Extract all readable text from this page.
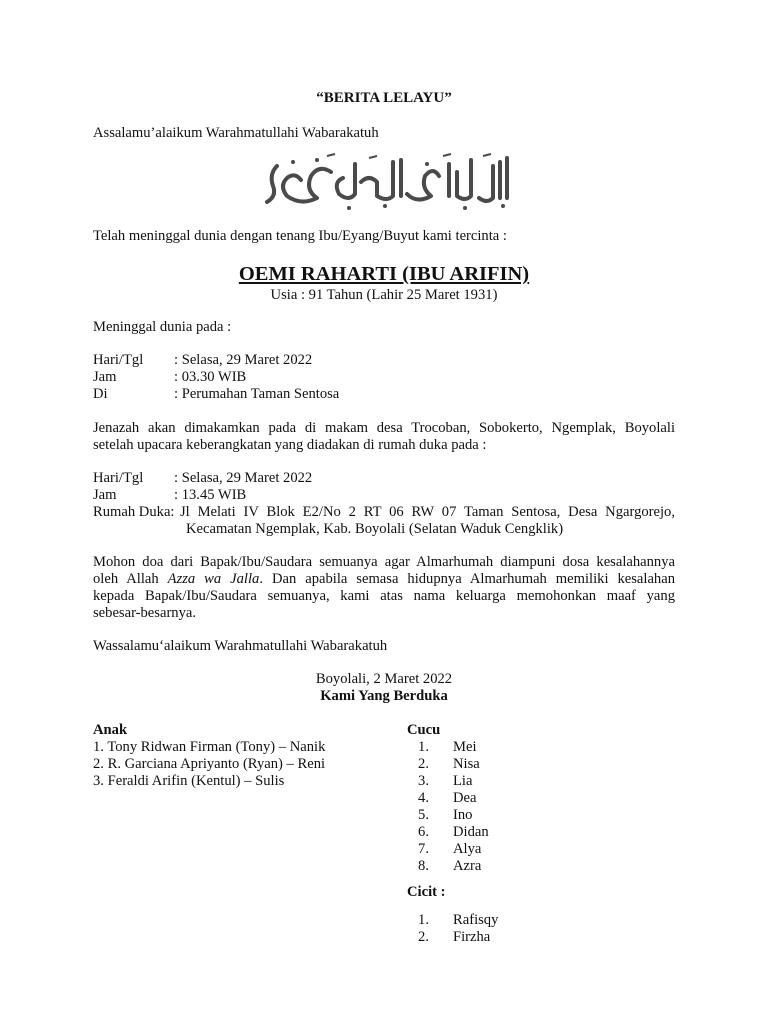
“BERITA LELAYU”
Assalamu’alaikum Warahmatullahi Wabarakatuh
Telah meninggal dunia dengan tenang Ibu/Eyang/Buyut kami tercinta :
OEMI RAHARTI (IBU ARIFIN)
Usia : 91 Tahun (Lahir 25 Maret 1931)
Meninggal dunia pada :
Hari/Tgl : Selasa, 29 Maret 2022
Jam	: 03.30 WIB
Di	: Perumahan Taman Sentosa
Jenazah akan dimakamkan pada di makam desa Trocoban, Sobokerto, Ngemplak, Boyolali
setelah upacara keberangkatan yang diadakan di rumah duka pada :
Hari/Tgl : Selasa, 29 Maret 2022
Jam	: 13.45 WIB
Rumah Duka: Jl Melati IV Blok E2/No 2 RT 06 RW 07 Taman Sentosa, Desa Ngargorejo,
Kecamatan Ngemplak, Kab. Boyolali (Selatan Waduk Cengklik)
Mohon doa dari Bapak/Ibu/Saudara semuanya agar Almarhumah diampuni dosa kesalahannya
oleh Allah Azza wa Jalla. Dan apabila semasa hidupnya Almarhumah memiliki kesalahan
kepada Bapak/Ibu/Saudara semuanya, kami atas nama keluarga memohonkan maaf yang
sebesar-besarnya.
Wassalamu‘alaikum Warahmatullahi Wabarakatuh
Boyolali, 2 Maret 2022
Kami Yang Berduka
Anak
1. Tony Ridwan Firman (Tony) – Nanik
2. R. Garciana Apriyanto (Ryan) – Reni
3. Feraldi Arifin (Kentul) – Sulis
Cucu
1. Mei
2. Nisa
3. Lia
4. Dea
5. Ino
6. Didan
7. Alya
8. Azra
Cicit :
1. Rafisqy
2. Firzha
